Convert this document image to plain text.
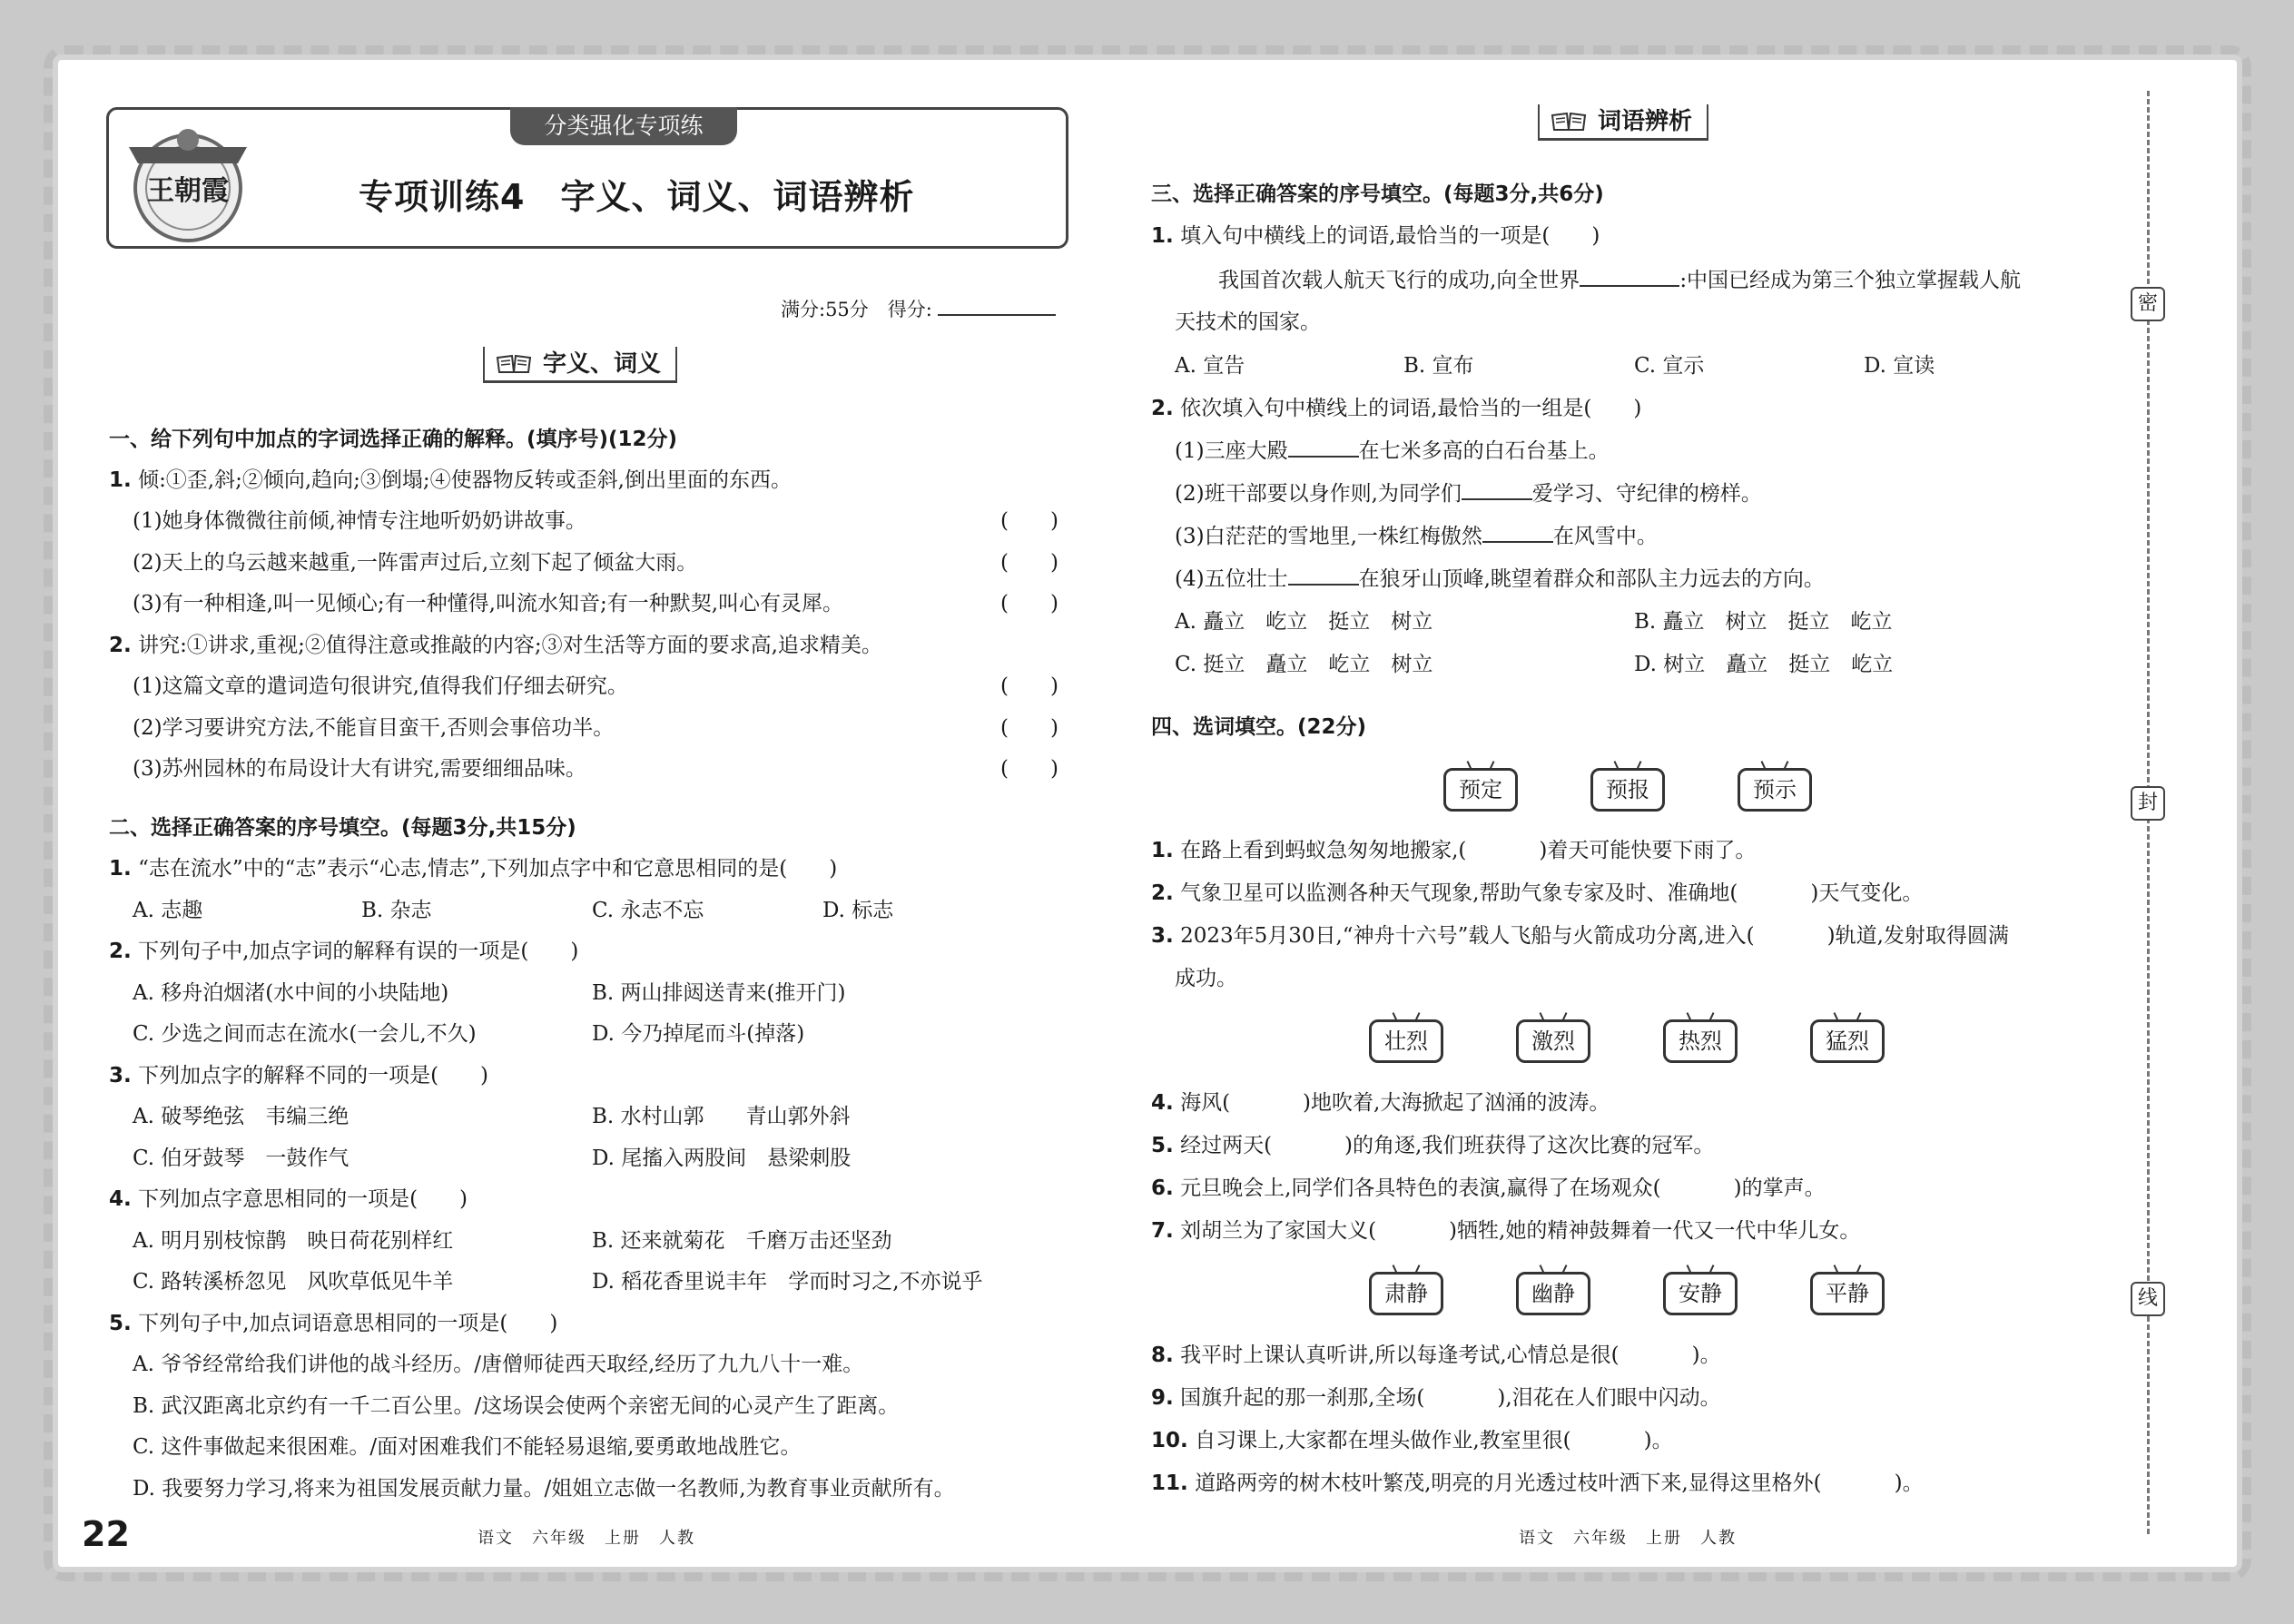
密
封
线
分类强化专项练
王朝霞	专项训练4　字义、词义、词语辨析
满分:55分　得分:
字义、词义
一、给下列句中加点的字词选择正确的解释。(填序号)(12分)
1. 倾:①歪,斜;②倾向,趋向;③倒塌;④使器物反转或歪斜,倒出里面的东西。
(1)她身体微微往前倾,神情专注地听奶奶讲故事。	(　　)
(2)天上的乌云越来越重,一阵雷声过后,立刻下起了倾盆大雨。	(　　)
(3)有一种相逢,叫一见倾心;有一种懂得,叫流水知音;有一种默契,叫心有灵犀。	(　　)
2. 讲究:①讲求,重视;②值得注意或推敲的内容;③对生活等方面的要求高,追求精美。
(1)这篇文章的遣词造句很讲究,值得我们仔细去研究。	(　　)
(2)学习要讲究方法,不能盲目蛮干,否则会事倍功半。	(　　)
(3)苏州园林的布局设计大有讲究,需要细细品味。	(　　)
二、选择正确答案的序号填空。(每题3分,共15分)
1. “志在流水”中的“志”表示“心志,情志”,下列加点字中和它意思相同的是(　　)
A. 志趣	B. 杂志	C. 永志不忘	D. 标志
2. 下列句子中,加点字词的解释有误的一项是(　　)
A. 移舟泊烟渚(水中间的小块陆地)	B. 两山排闼送青来(推开门)
C. 少选之间而志在流水(一会儿,不久)	D. 今乃掉尾而斗(掉落)
3. 下列加点字的解释不同的一项是(　　)
A. 破琴绝弦　韦编三绝	B. 水村山郭　　青山郭外斜
C. 伯牙鼓琴　一鼓作气	D. 尾搐入两股间　悬梁刺股
4. 下列加点字意思相同的一项是(　　)
A. 明月别枝惊鹊　映日荷花别样红	B. 还来就菊花　千磨万击还坚劲
C. 路转溪桥忽见　风吹草低见牛羊	D. 稻花香里说丰年　学而时习之,不亦说乎
5. 下列句子中,加点词语意思相同的一项是(　　)
A. 爷爷经常给我们讲他的战斗经历。/唐僧师徒西天取经,经历了九九八十一难。
B. 武汉距离北京约有一千二百公里。/这场误会使两个亲密无间的心灵产生了距离。
C. 这件事做起来很困难。/面对困难我们不能轻易退缩,要勇敢地战胜它。
D. 我要努力学习,将来为祖国发展贡献力量。/姐姐立志做一名教师,为教育事业贡献所有。
词语辨析
三、选择正确答案的序号填空。(每题3分,共6分)
1. 填入句中横线上的词语,最恰当的一项是(　　)
我国首次载人航天飞行的成功,向全世界	:中国已经成为第三个独立掌握载人航
天技术的国家。
A. 宣告	B. 宣布	C. 宣示	D. 宣读
2. 依次填入句中横线上的词语,最恰当的一组是(　　)
(1)三座大殿	在七米多高的白石台基上。
(2)班干部要以身作则,为同学们	爱学习、守纪律的榜样。
(3)白茫茫的雪地里,一株红梅傲然	在风雪中。
(4)五位壮士	在狼牙山顶峰,眺望着群众和部队主力远去的方向。
A. 矗立　屹立　挺立　树立	B. 矗立　树立　挺立　屹立
C. 挺立　矗立　屹立　树立	D. 树立　矗立　挺立　屹立
四、选词填空。(22分)
预定	预报	预示
1. 在路上看到蚂蚁急匆匆地搬家,(	)着天可能快要下雨了。
2. 气象卫星可以监测各种天气现象,帮助气象专家及时、准确地(	)天气变化。
3. 2023年5月30日,“神舟十六号”载人飞船与火箭成功分离,进入(	)轨道,发射取得圆满
成功。
壮烈	激烈	热烈	猛烈
4. 海风(	)地吹着,大海掀起了汹涌的波涛。
5. 经过两天(	)的角逐,我们班获得了这次比赛的冠军。
6. 元旦晚会上,同学们各具特色的表演,赢得了在场观众(	)的掌声。
7. 刘胡兰为了家国大义(	)牺牲,她的精神鼓舞着一代又一代中华儿女。
肃静	幽静	安静	平静
8. 我平时上课认真听讲,所以每逢考试,心情总是很(	)。
9. 国旗升起的那一刹那,全场(	),泪花在人们眼中闪动。
10. 自习课上,大家都在埋头做作业,教室里很(	)。
11. 道路两旁的树木枝叶繁茂,明亮的月光透过枝叶洒下来,显得这里格外(	)。
22	语文　六年级　上册　人教	语文　六年级　上册　人教
